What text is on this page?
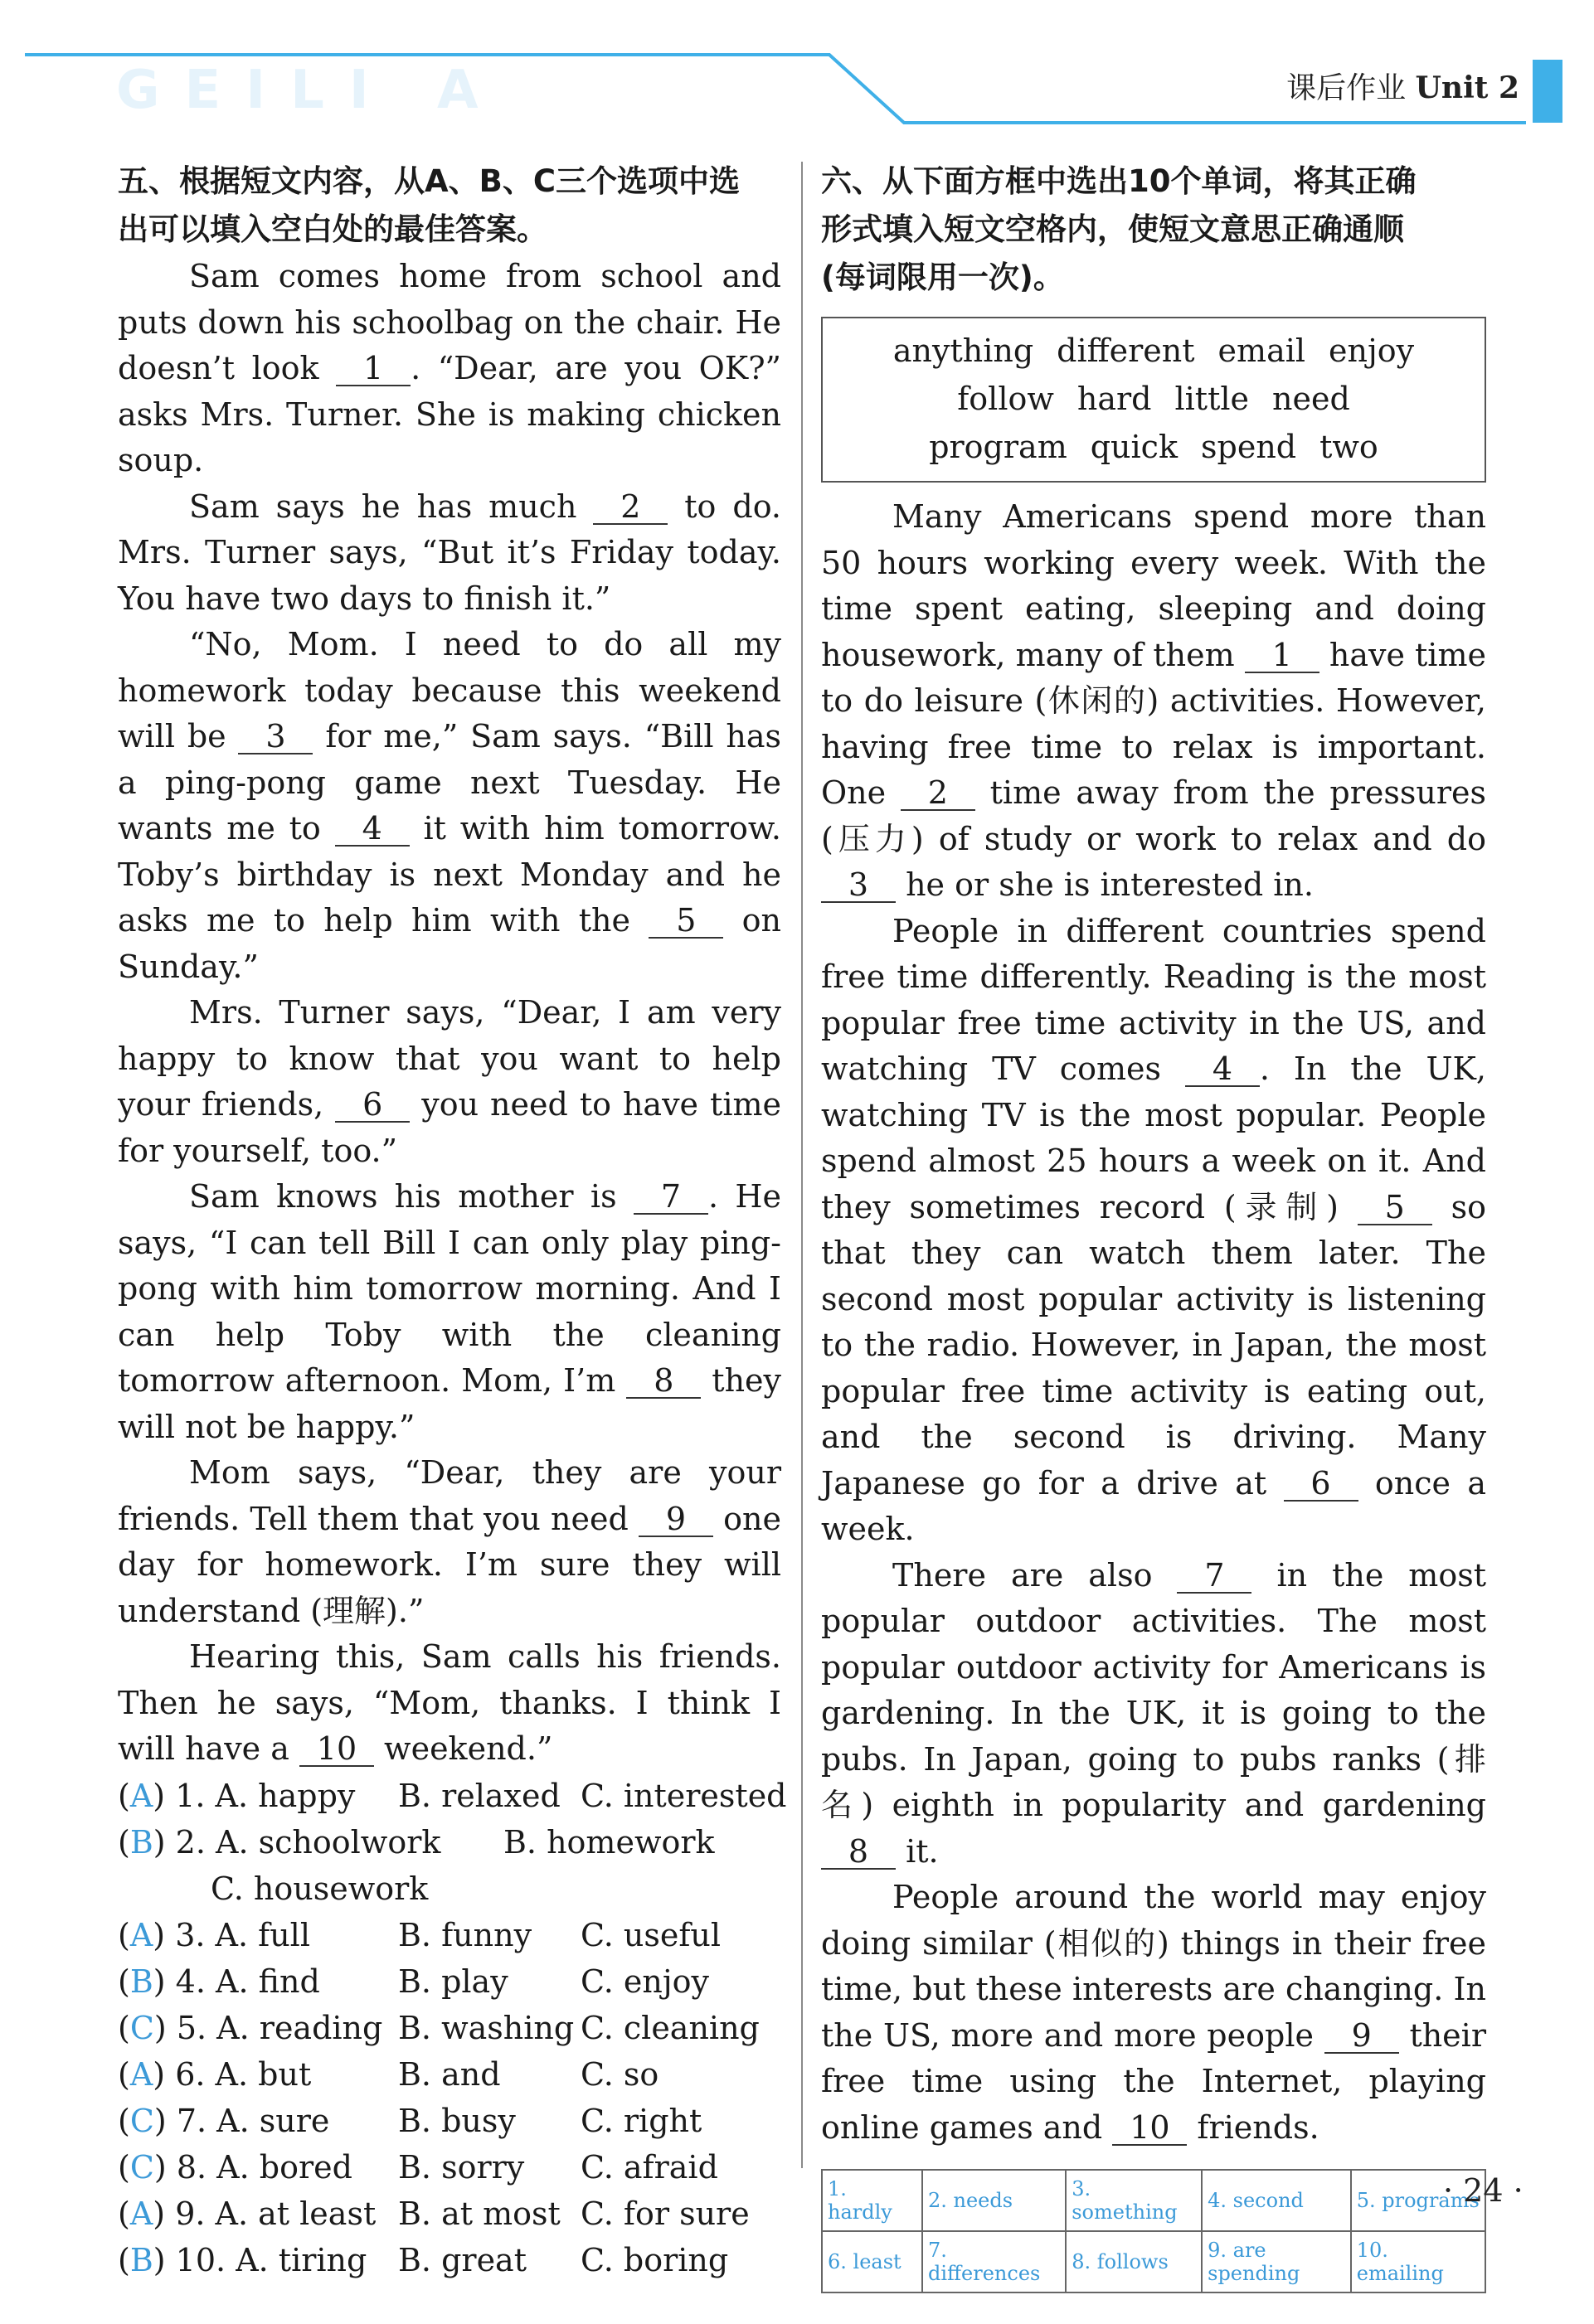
GEILI A	课后作业 Unit 2

五、根据短文内容，从A、B、C三个选项中选

出可以填入空白处的最佳答案。

Sam comes home from school and puts down his schoolbag on the chair. He doesn’t look 1 . “Dear, are you OK?” asks Mrs. Turner. She is making chicken soup.

Sam says he has much 2 to do. Mrs. Turner says, “But it’s Friday today. You have two days to finish it.”

“No, Mom. I need to do all my homework today because this weekend will be 3 for me,” Sam says. “Bill has a ping-pong game next Tuesday. He wants me to 4 it with him tomorrow. Toby’s birthday is next Monday and he asks me to help him with the 5 on Sunday.”

Mrs. Turner says, “Dear, I am very happy to know that you want to help your friends, 6 you need to have time for yourself, too.”

Sam knows his mother is 7 . He says, “I can tell Bill I can only play ping-pong with him tomorrow morning. And I can help Toby with the cleaning tomorrow afternoon. Mom, I’m 8 they will not be happy.”

Mom says, “Dear, they are your friends. Tell them that you need 9 one day for homework. I’m sure they will understand (理解).”

Hearing this, Sam calls his friends. Then he says, “Mom, thanks. I think I will have a 10 weekend.”

(A) 1. A. happy B. relaxed C. interested
(B) 2. A. schoolwork B. homework
C. housework
(A) 3. A. full	B. funny C. useful
(B) 4. A. find B. play C. enjoy
(C) 5. A. reading B. washing C. cleaning
(A) 6. A. but	B. and	C. so
(C) 7. A. sure B. busy C. right
(C) 8. A. bored B. sorry C. afraid
(A) 9. A. at least B. at most C. for sure
(B) 10. A. tiring B. great C. boring

六、从下面方框中选出10个单词，将其正确

形式填入短文空格内，使短文意思正确通顺

(每词限用一次)。

anything different email enjoy
follow hard little need
program quick spend two

Many Americans spend more than 50 hours working every week. With the time spent eating, sleeping and doing housework, many of them 1 have time to do leisure (休闲的) activities. However, having free time to relax is important. One 2 time away from the pressures (压力) of study or work to relax and do 3 he or she is interested in.

People in different countries spend free time differently. Reading is the most popular free time activity in the US, and watching TV comes 4 . In the UK, watching TV is the most popular. People spend almost 25 hours a week on it. And they sometimes record (录制) 5 so that they can watch them later. The second most popular activity is listening to the radio. However, in Japan, the most popular free time activity is eating out, and the second is driving. Many Japanese go for a drive at 6 once a week.

There are also 7 in the most popular outdoor activities. The most popular outdoor activity for Americans is gardening. In the UK, it is going to the pubs. In Japan, going to pubs ranks (排名) eighth in popularity and gardening 8 it.

People around the world may enjoy doing similar (相似的) things in their free time, but these interests are changing. In the US, more and more people 9 their free time using the Internet, playing online games and 10 friends.

1. hardly	2. needs	3. something	4. second	5. programs
6. least	7. differences	8. follows	9. are spending	10. emailing
· 24 ·
